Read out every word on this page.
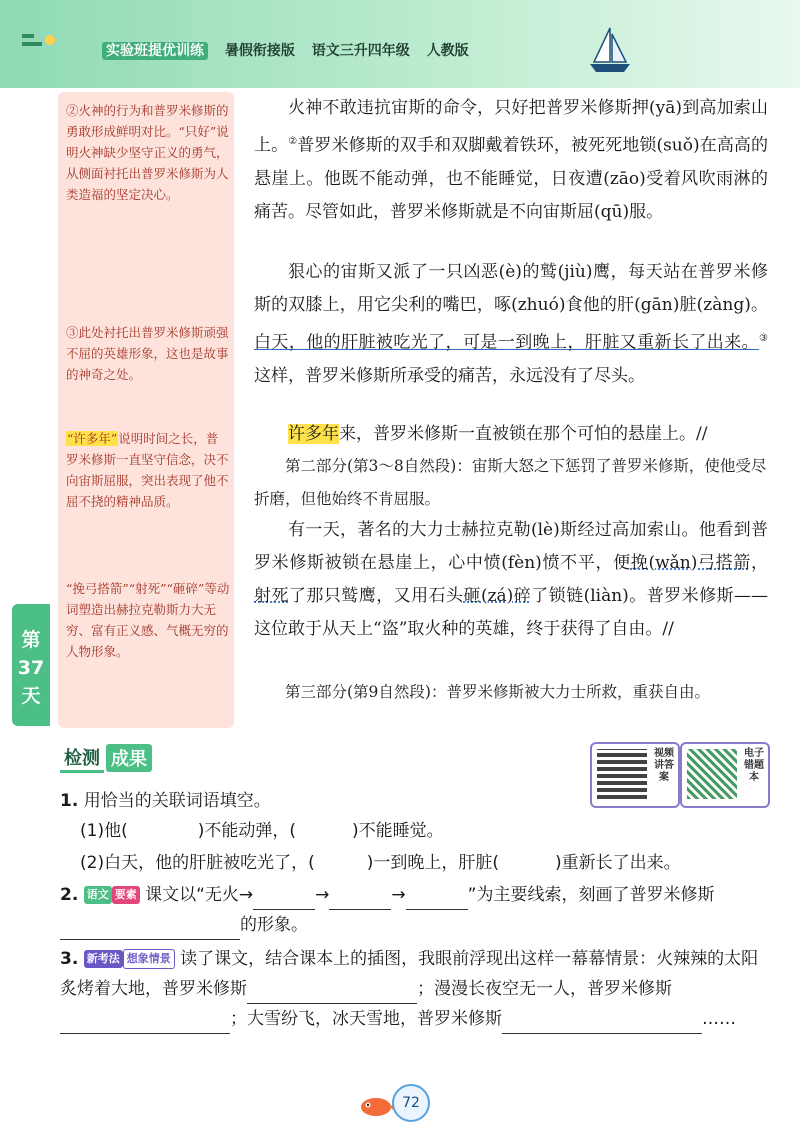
实验班提优训练 暑假衔接版 语文三升四年级 人教版
②火神的行为和普罗米修斯的勇敢形成鲜明对比。“只好”说明火神缺少坚守正义的勇气，从侧面衬托出普罗米修斯为人类造福的坚定决心。
③此处衬托出普罗米修斯顽强不屈的英雄形象，这也是故事的神奇之处。
“许多年”说明时间之长，普罗米修斯一直坚守信念，决不向宙斯屈服，突出表现了他不屈不挠的精神品质。
“挽弓搭箭”“射死”“砸碎”等动词塑造出赫拉克勒斯力大无穷、富有正义感、气概无穷的人物形象。
第
37
天

火神不敢违抗宙斯的命令，只好把普罗米修斯押(yā)到高加索山上。②普罗米修斯的双手和双脚戴着铁环，被死死地锁(suǒ)在高高的悬崖上。他既不能动弹，也不能睡觉，日夜遭(zāo)受着风吹雨淋的痛苦。尽管如此，普罗米修斯就是不向宙斯屈(qū)服。

狠心的宙斯又派了一只凶恶(è)的鹫(jiù)鹰，每天站在普罗米修斯的双膝上，用它尖利的嘴巴，啄(zhuó)食他的肝(gān)脏(zàng)。白天，他的肝脏被吃光了，可是一到晚上，肝脏又重新长了出来。③这样，普罗米修斯所承受的痛苦，永远没有了尽头。

许多年来，普罗米修斯一直被锁在那个可怕的悬崖上。//

第二部分(第3～8自然段)：宙斯大怒之下惩罚了普罗米修斯，使他受尽折磨，但他始终不肯屈服。

有一天，著名的大力士赫拉克勒(lè)斯经过高加索山。他看到普罗米修斯被锁在悬崖上，心中愤(fèn)愤不平，便挽(wǎn)弓搭箭，射死了那只鹫鹰，又用石头砸(zá)碎了锁链(liàn)。普罗米修斯——这位敢于从天上“盗”取火种的英雄，终于获得了自由。//

第三部分(第9自然段)：普罗米修斯被大力士所救，重获自由。
检测 成果	视频讲答案
电子错题本
1. 用恰当的关联词语填空。
(1)他(	)不能动弹，(	)不能睡觉。
(2)白天，他的肝脏被吃光了，(	)一到晚上，肝脏(	)重新长了出来。
2. 语文 要素 课文以“无火→	→	→	”为主要线索，刻画了普罗米修斯的形象。
3. 新考法 想象情景 读了课文，结合课本上的插图，我眼前浮现出这样一幕幕情景：火辣辣的太阳炙烤着大地，普罗米修斯	；漫漫长夜空无一人，普罗米修斯；大雪纷飞，冰天雪地，普罗米修斯	……
72
